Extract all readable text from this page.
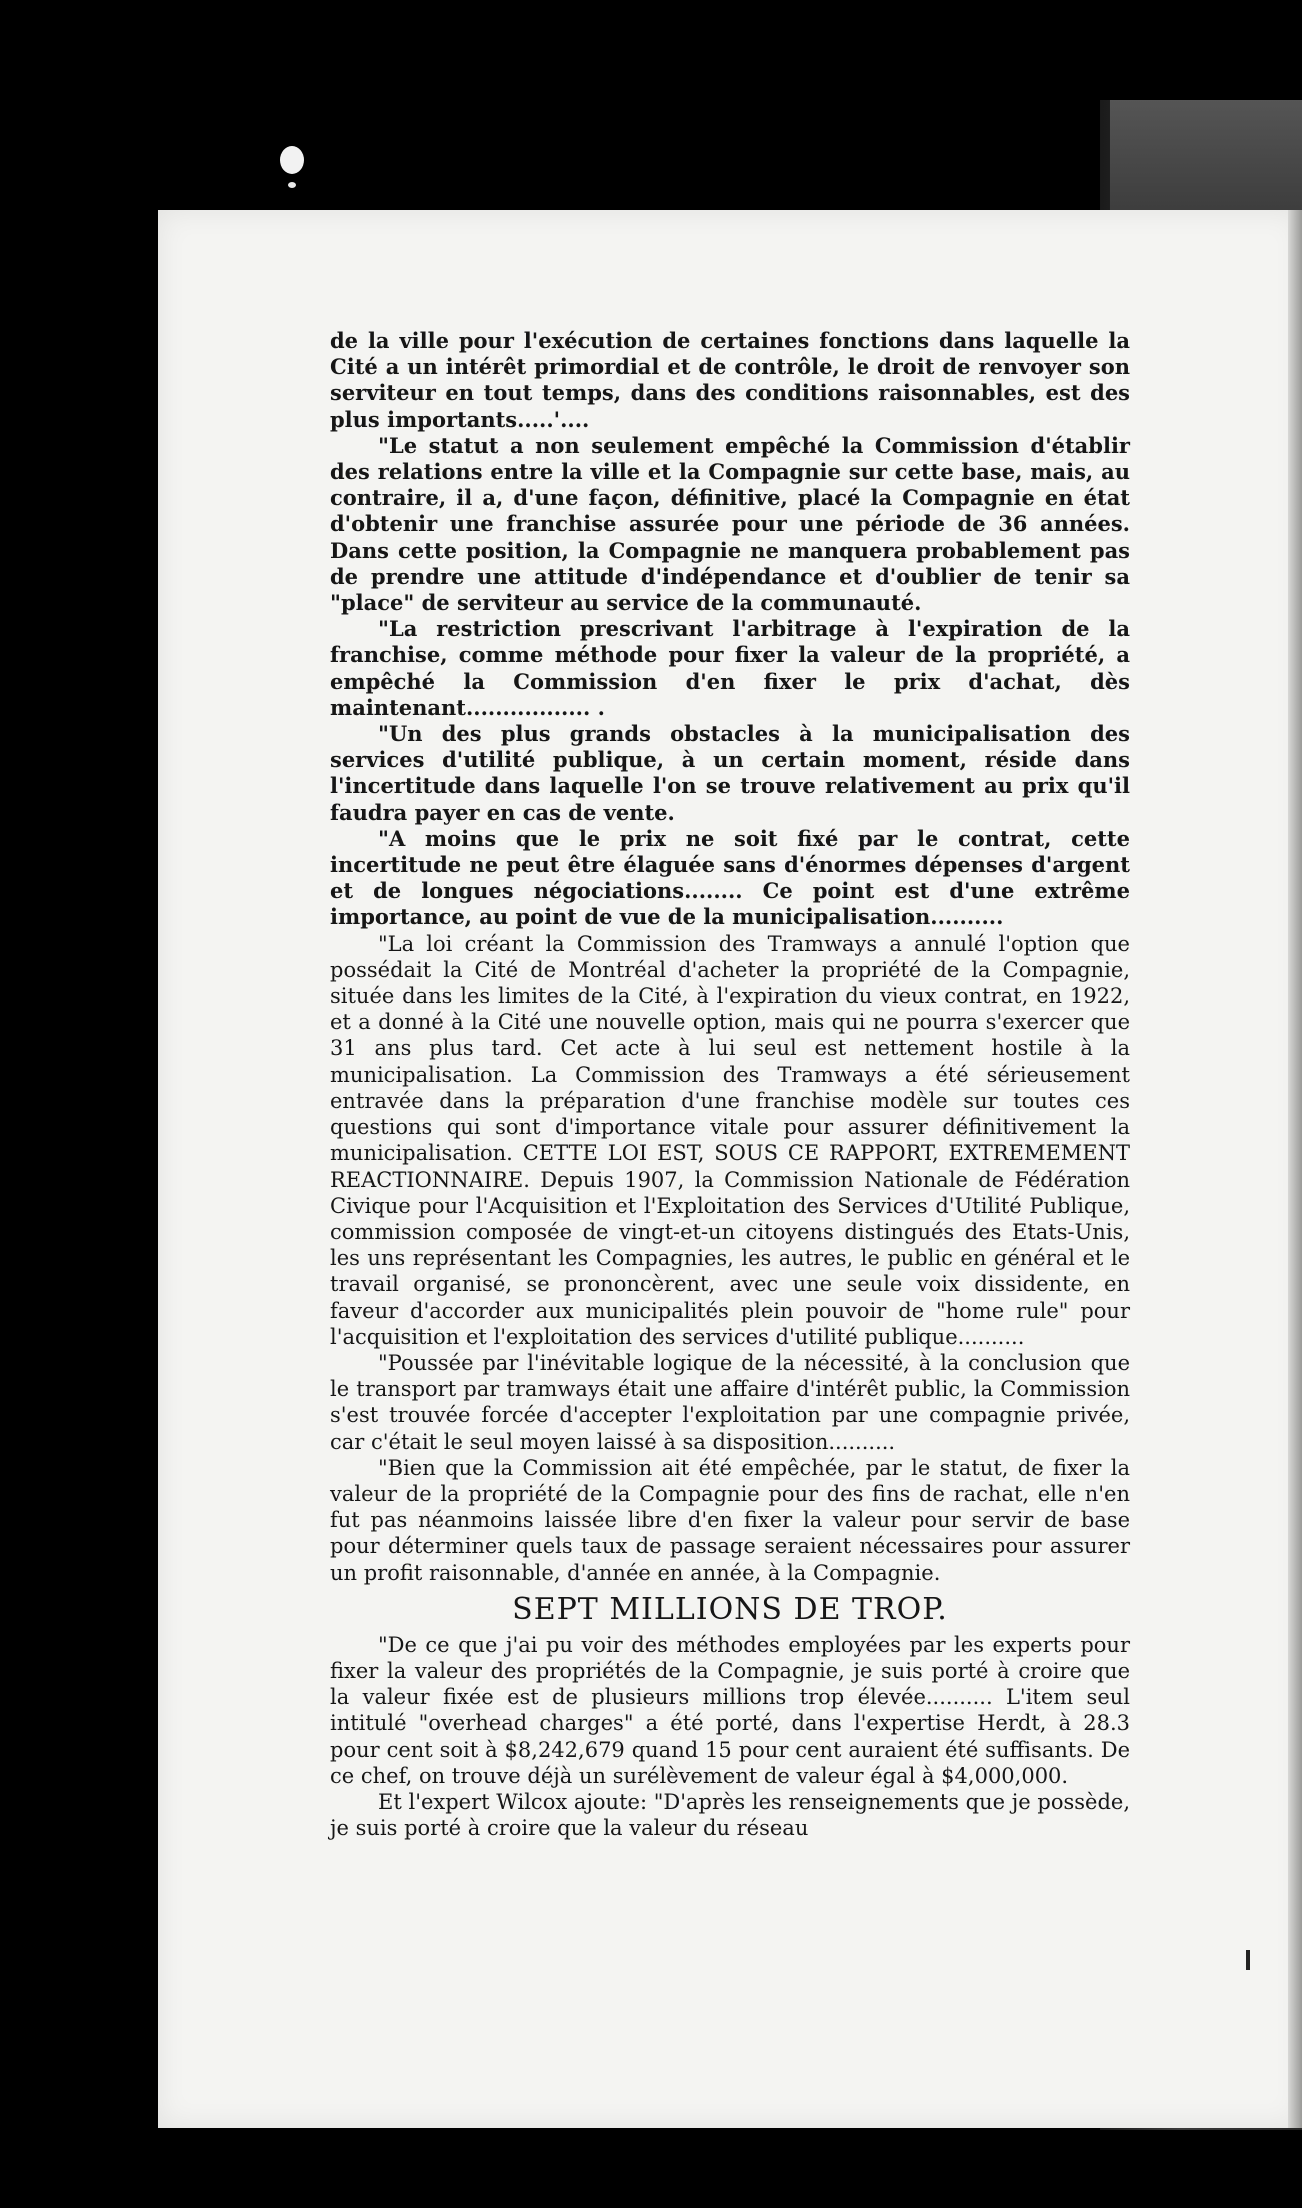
de la ville pour l'exécution de certaines fonctions dans laquelle la Cité a un intérêt primordial et de contrôle, le droit de renvoyer son serviteur en tout temps, dans des conditions raisonnables, est des plus importants.....'....

"Le statut a non seulement empêché la Commission d'établir des relations entre la ville et la Compagnie sur cette base, mais, au contraire, il a, d'une façon, définitive, placé la Compagnie en état d'obtenir une franchise assurée pour une période de 36 années. Dans cette position, la Compagnie ne manquera probablement pas de prendre une attitude d'indépendance et d'oublier de tenir sa "place" de serviteur au service de la communauté.

"La restriction prescrivant l'arbitrage à l'expiration de la franchise, comme méthode pour fixer la valeur de la propriété, a empêché la Commission d'en fixer le prix d'achat, dès maintenant................. .

"Un des plus grands obstacles à la municipalisation des services d'utilité publique, à un certain moment, réside dans l'incertitude dans laquelle l'on se trouve relativement au prix qu'il faudra payer en cas de vente.

"A moins que le prix ne soit fixé par le contrat, cette incertitude ne peut être élaguée sans d'énormes dépenses d'argent et de longues négociations........ Ce point est d'une extrême importance, au point de vue de la municipalisation..........

"La loi créant la Commission des Tramways a annulé l'option que possédait la Cité de Montréal d'acheter la propriété de la Compagnie, située dans les limites de la Cité, à l'expiration du vieux contrat, en 1922, et a donné à la Cité une nouvelle option, mais qui ne pourra s'exercer que 31 ans plus tard. Cet acte à lui seul est nettement hostile à la municipalisation. La Commission des Tramways a été sérieusement entravée dans la préparation d'une franchise modèle sur toutes ces questions qui sont d'importance vitale pour assurer définitivement la municipalisation. CETTE LOI EST, SOUS CE RAPPORT, EXTREMEMENT REACTIONNAIRE. Depuis 1907, la Commission Nationale de Fédération Civique pour l'Acquisition et l'Exploitation des Services d'Utilité Publique, commission composée de vingt-et-un citoyens distingués des Etats-Unis, les uns représentant les Compagnies, les autres, le public en général et le travail organisé, se prononcèrent, avec une seule voix dissidente, en faveur d'accorder aux municipalités plein pouvoir de "home rule" pour l'acquisition et l'exploitation des services d'utilité publique..........

"Poussée par l'inévitable logique de la nécessité, à la conclusion que le transport par tramways était une affaire d'intérêt public, la Commission s'est trouvée forcée d'accepter l'exploitation par une compagnie privée, car c'était le seul moyen laissé à sa disposition..........

"Bien que la Commission ait été empêchée, par le statut, de fixer la valeur de la propriété de la Compagnie pour des fins de rachat, elle n'en fut pas néanmoins laissée libre d'en fixer la valeur pour servir de base pour déterminer quels taux de passage seraient nécessaires pour assurer un profit raisonnable, d'année en année, à la Compagnie.

SEPT MILLIONS DE TROP.

"De ce que j'ai pu voir des méthodes employées par les experts pour fixer la valeur des propriétés de la Compagnie, je suis porté à croire que la valeur fixée est de plusieurs millions trop élevée.......... L'item seul intitulé "overhead charges" a été porté, dans l'expertise Herdt, à 28.3 pour cent soit à $8,242,679 quand 15 pour cent auraient été suffisants. De ce chef, on trouve déjà un surélèvement de valeur égal à $4,000,000.

Et l'expert Wilcox ajoute: "D'après les renseignements que je possède, je suis porté à croire que la valeur du réseau
